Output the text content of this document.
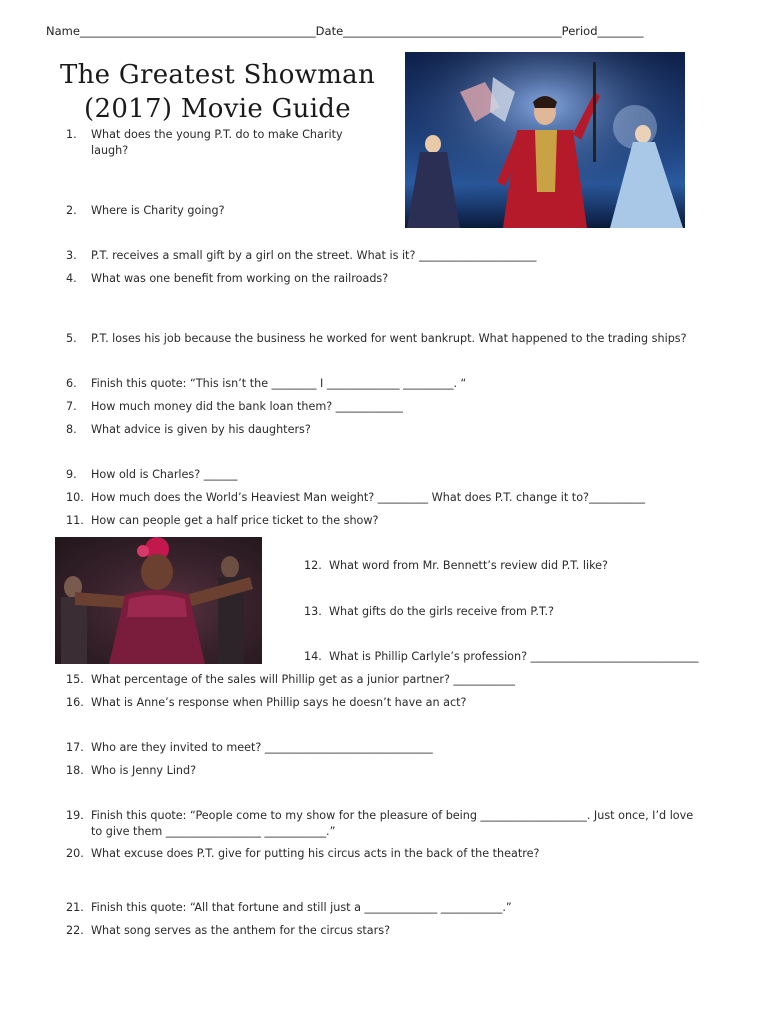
Name_________________________________________Date______________________________________Period________
The Greatest Showman
(2017) Movie Guide
1.	What does the young P.T. do to make Charity laugh?
2.	Where is Charity going?
3.	P.T. receives a small gift by a girl on the street. What is it? _____________________
4.	What was one benefit from working on the railroads?
5.	P.T. loses his job because the business he worked for went bankrupt. What happened to the trading ships?
6.	Finish this quote: “This isn’t the ________ I _____________ _________. “
7.	How much money did the bank loan them? ____________
8.	What advice is given by his daughters?
9.	How old is Charles? ______
10. How much does the World’s Heaviest Man weight? _________ What does P.T. change it to?__________
11. How can people get a half price ticket to the show?
12. What word from Mr. Bennett’s review did P.T. like?
13. What gifts do the girls receive from P.T.?
14. What is Phillip Carlyle’s profession? ______________________________
15. What percentage of the sales will Phillip get as a junior partner? ___________
16. What is Anne’s response when Phillip says he doesn’t have an act?
17. Who are they invited to meet? ______________________________
18. Who is Jenny Lind?
19. Finish this quote: “People come to my show for the pleasure of being ___________________. Just once, I’d love to give them _________________ ___________.”
20. What excuse does P.T. give for putting his circus acts in the back of the theatre?
21. Finish this quote: “All that fortune and still just a _____________ ___________.”
22. What song serves as the anthem for the circus stars?
